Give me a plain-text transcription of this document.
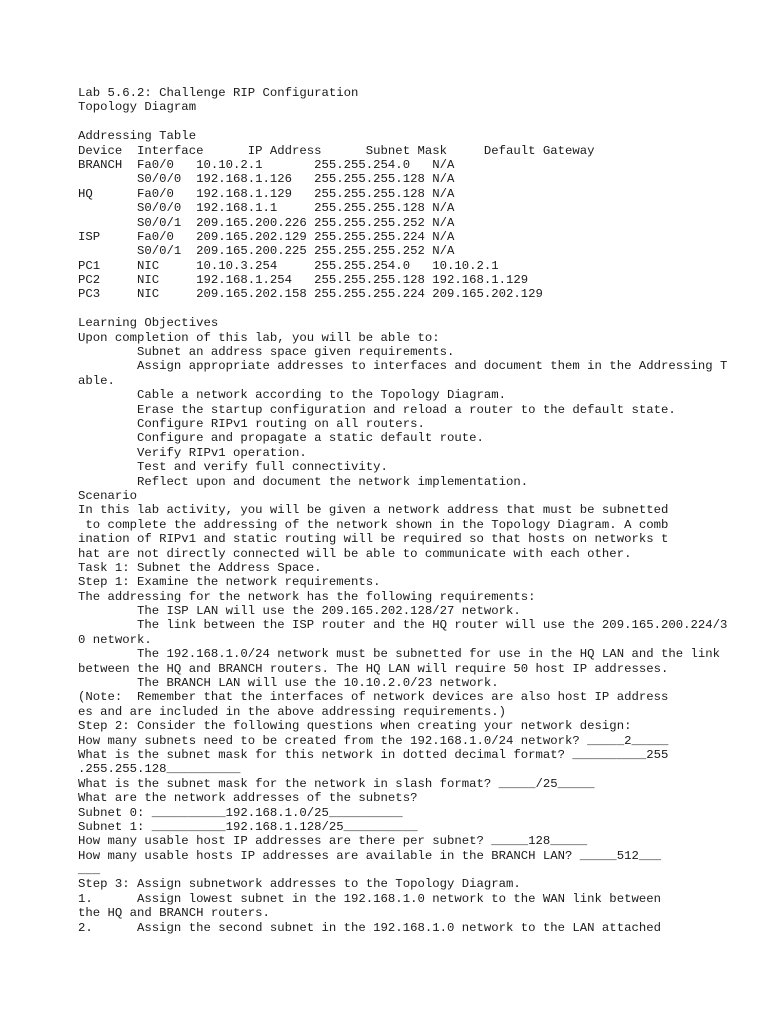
Lab 5.6.2: Challenge RIP Configuration
Topology Diagram
Addressing Table
Device  Interface      IP Address      Subnet Mask     Default Gateway
BRANCH  Fa0/0   10.10.2.1       255.255.254.0   N/A
S0/0/0  192.168.1.126   255.255.255.128 N/A
HQ      Fa0/0   192.168.1.129   255.255.255.128 N/A
S0/0/0  192.168.1.1     255.255.255.128 N/A
S0/0/1  209.165.200.226 255.255.255.252 N/A
ISP     Fa0/0   209.165.202.129 255.255.255.224 N/A
S0/0/1  209.165.200.225 255.255.255.252 N/A
PC1     NIC     10.10.3.254     255.255.254.0   10.10.2.1
PC2     NIC     192.168.1.254   255.255.255.128 192.168.1.129
PC3     NIC     209.165.202.158 255.255.255.224 209.165.202.129
Learning Objectives
Upon completion of this lab, you will be able to:
Subnet an address space given requirements.
Assign appropriate addresses to interfaces and document them in the Addressing T
able.
Cable a network according to the Topology Diagram.
Erase the startup configuration and reload a router to the default state.
Configure RIPv1 routing on all routers.
Configure and propagate a static default route.
Verify RIPv1 operation.
Test and verify full connectivity.
Reflect upon and document the network implementation.
Scenario
In this lab activity, you will be given a network address that must be subnetted
to complete the addressing of the network shown in the Topology Diagram. A comb
ination of RIPv1 and static routing will be required so that hosts on networks t
hat are not directly connected will be able to communicate with each other.
Task 1: Subnet the Address Space.
Step 1: Examine the network requirements.
The addressing for the network has the following requirements:
The ISP LAN will use the 209.165.202.128/27 network.
The link between the ISP router and the HQ router will use the 209.165.200.224/3
0 network.
The 192.168.1.0/24 network must be subnetted for use in the HQ LAN and the link
between the HQ and BRANCH routers. The HQ LAN will require 50 host IP addresses.
The BRANCH LAN will use the 10.10.2.0/23 network.
(Note:  Remember that the interfaces of network devices are also host IP address
es and are included in the above addressing requirements.)
Step 2: Consider the following questions when creating your network design:
How many subnets need to be created from the 192.168.1.0/24 network? _____2_____
What is the subnet mask for this network in dotted decimal format? __________255
.255.255.128__________
What is the subnet mask for the network in slash format? _____/25_____
What are the network addresses of the subnets?
Subnet 0: __________192.168.1.0/25__________
Subnet 1: __________192.168.1.128/25__________
How many usable host IP addresses are there per subnet? _____128_____
How many usable hosts IP addresses are available in the BRANCH LAN? _____512___
___
Step 3: Assign subnetwork addresses to the Topology Diagram.
1.      Assign lowest subnet in the 192.168.1.0 network to the WAN link between
the HQ and BRANCH routers.
2.      Assign the second subnet in the 192.168.1.0 network to the LAN attached
